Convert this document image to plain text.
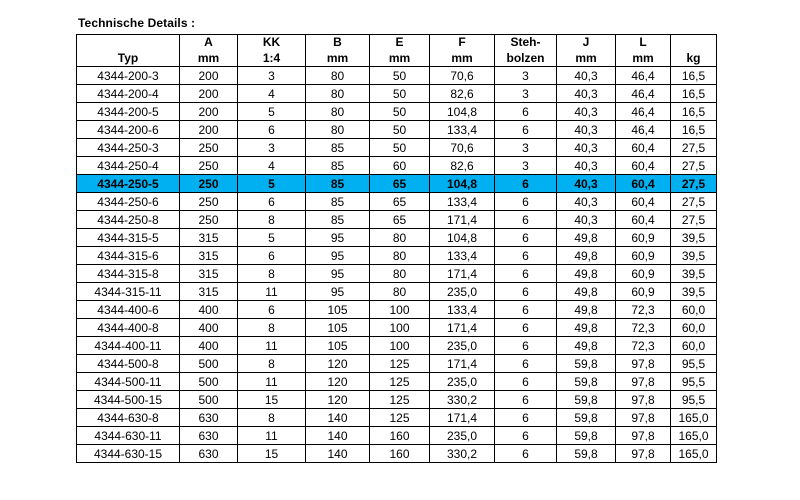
Technische Details :
	A	KK	B	E	F	Steh-	J	L	
Typ	mm	1:4	mm	mm	mm	bolzen	mm	mm	kg
4344-200-3	200	3	80	50	70,6	3	40,3	46,4	16,5
4344-200-4	200	4	80	50	82,6	3	40,3	46,4	16,5
4344-200-5	200	5	80	50	104,8	6	40,3	46,4	16,5
4344-200-6	200	6	80	50	133,4	6	40,3	46,4	16,5
4344-250-3	250	3	85	50	70,6	3	40,3	60,4	27,5
4344-250-4	250	4	85	60	82,6	3	40,3	60,4	27,5
4344-250-5	250	5	85	65	104,8	6	40,3	60,4	27,5
4344-250-6	250	6	85	65	133,4	6	40,3	60,4	27,5
4344-250-8	250	8	85	65	171,4	6	40,3	60,4	27,5
4344-315-5	315	5	95	80	104,8	6	49,8	60,9	39,5
4344-315-6	315	6	95	80	133,4	6	49,8	60,9	39,5
4344-315-8	315	8	95	80	171,4	6	49,8	60,9	39,5
4344-315-11	315	11	95	80	235,0	6	49,8	60,9	39,5
4344-400-6	400	6	105	100	133,4	6	49,8	72,3	60,0
4344-400-8	400	8	105	100	171,4	6	49,8	72,3	60,0
4344-400-11	400	11	105	100	235,0	6	49,8	72,3	60,0
4344-500-8	500	8	120	125	171,4	6	59,8	97,8	95,5
4344-500-11	500	11	120	125	235,0	6	59,8	97,8	95,5
4344-500-15	500	15	120	125	330,2	6	59,8	97,8	95,5
4344-630-8	630	8	140	125	171,4	6	59,8	97,8	165,0
4344-630-11	630	11	140	160	235,0	6	59,8	97,8	165,0
4344-630-15	630	15	140	160	330,2	6	59,8	97,8	165,0
